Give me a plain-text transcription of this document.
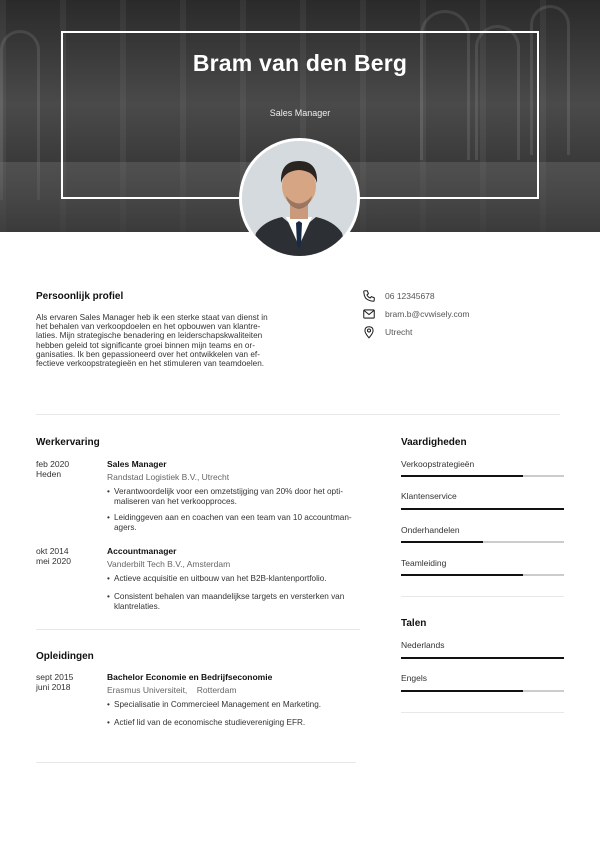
Bram van den Berg
Sales Manager
Persoonlijk profiel
Als ervaren Sales Manager heb ik een sterke staat van dienst in
het behalen van verkoopdoelen en het opbouwen van klantre-
laties. Mijn strategische benadering en leiderschapskwaliteiten
hebben geleid tot significante groei binnen mijn teams en or-
ganisaties. Ik ben gepassioneerd over het ontwikkelen van ef-
fectieve verkoopstrategieën en het stimuleren van teamdoelen.
06 12345678
bram.b@cvwisely.com
Utrecht
Werkervaring
feb 2020
Heden
Sales Manager
Randstad Logistiek B.V., Utrecht
• Verantwoordelijk voor een omzetstijging van 20% door het opti-
maliseren van het verkoopproces.
• Leidinggeven aan en coachen van een team van 10 accountman-
agers.
okt 2014
mei 2020
Accountmanager
Vanderbilt Tech B.V., Amsterdam
• Actieve acquisitie en uitbouw van het B2B-klantenportfolio.
• Consistent behalen van maandelijkse targets en versterken van
klantrelaties.
Opleidingen
sept 2015
juni 2018
Bachelor Economie en Bedrijfseconomie
Erasmus Universiteit,    Rotterdam
• Specialisatie in Commercieel Management en Marketing.
• Actief lid van de economische studievereniging EFR.
Vaardigheden
Verkoopstrategieën
Klantenservice
Onderhandelen
Teamleiding
Talen
Nederlands
Engels
